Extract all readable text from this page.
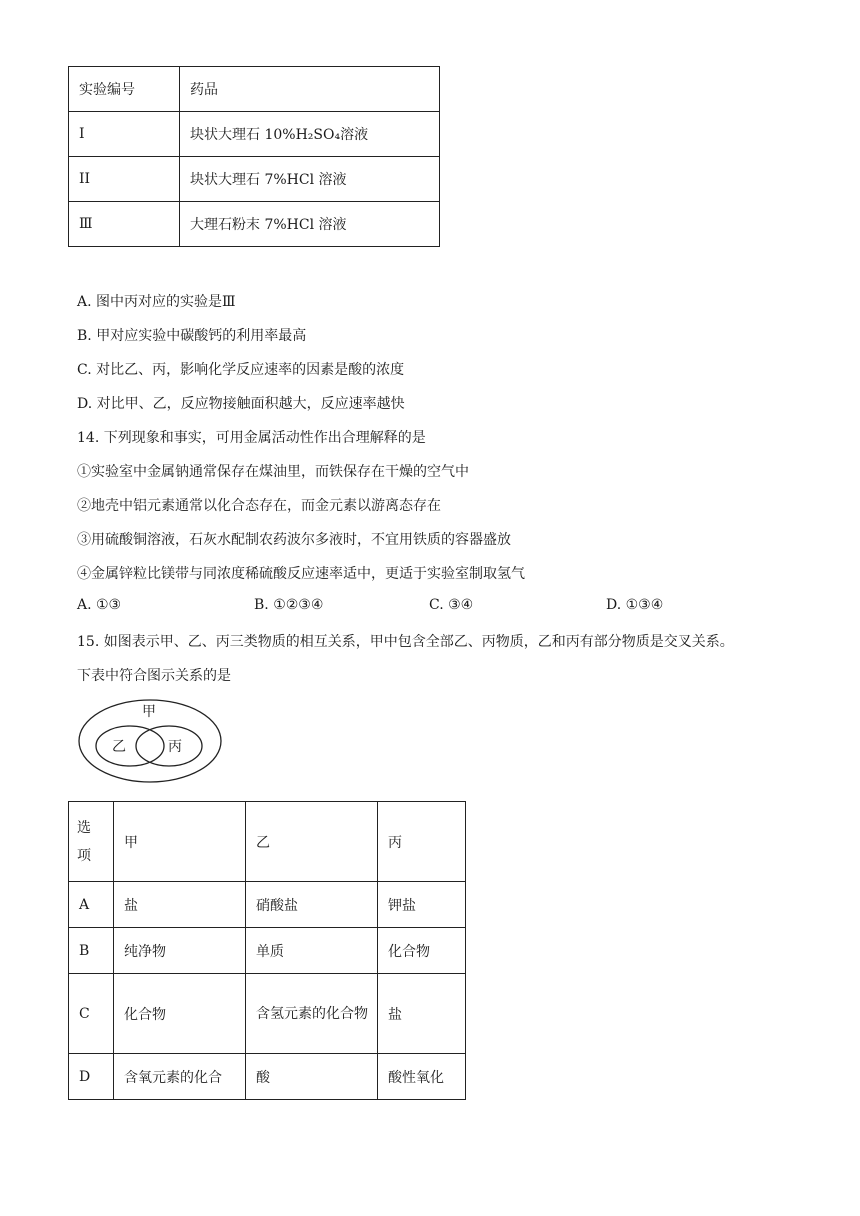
实验编号	药品
I	块状大理石 10%H₂SO₄溶液
II	块状大理石 7%HCl 溶液
Ⅲ	大理石粉末 7%HCl 溶液
A. 图中丙对应的实验是Ⅲ
B. 甲对应实验中碳酸钙的利用率最高
C. 对比乙、丙，影响化学反应速率的因素是酸的浓度
D. 对比甲、乙，反应物接触面积越大，反应速率越快
14. 下列现象和事实，可用金属活动性作出合理解释的是
①实验室中金属钠通常保存在煤油里，而铁保存在干燥的空气中
②地壳中铝元素通常以化合态存在，而金元素以游离态存在
③用硫酸铜溶液，石灰水配制农药波尔多液时，不宜用铁质的容器盛放
④金属锌粒比镁带与同浓度稀硫酸反应速率适中，更适于实验室制取氢气
A. ①③	B. ①②③④	C. ③④	D. ①③④
15. 如图表示甲、乙、丙三类物质的相互关系，甲中包含全部乙、丙物质，乙和丙有部分物质是交叉关系。
下表中符合图示关系的是
甲
乙	丙
选项	甲	乙	丙
A	盐	硝酸盐	钾盐
B	纯净物	单质	化合物
C	化合物	含氢元素的化合物	盐
D	含氧元素的化合	酸	酸性氧化
